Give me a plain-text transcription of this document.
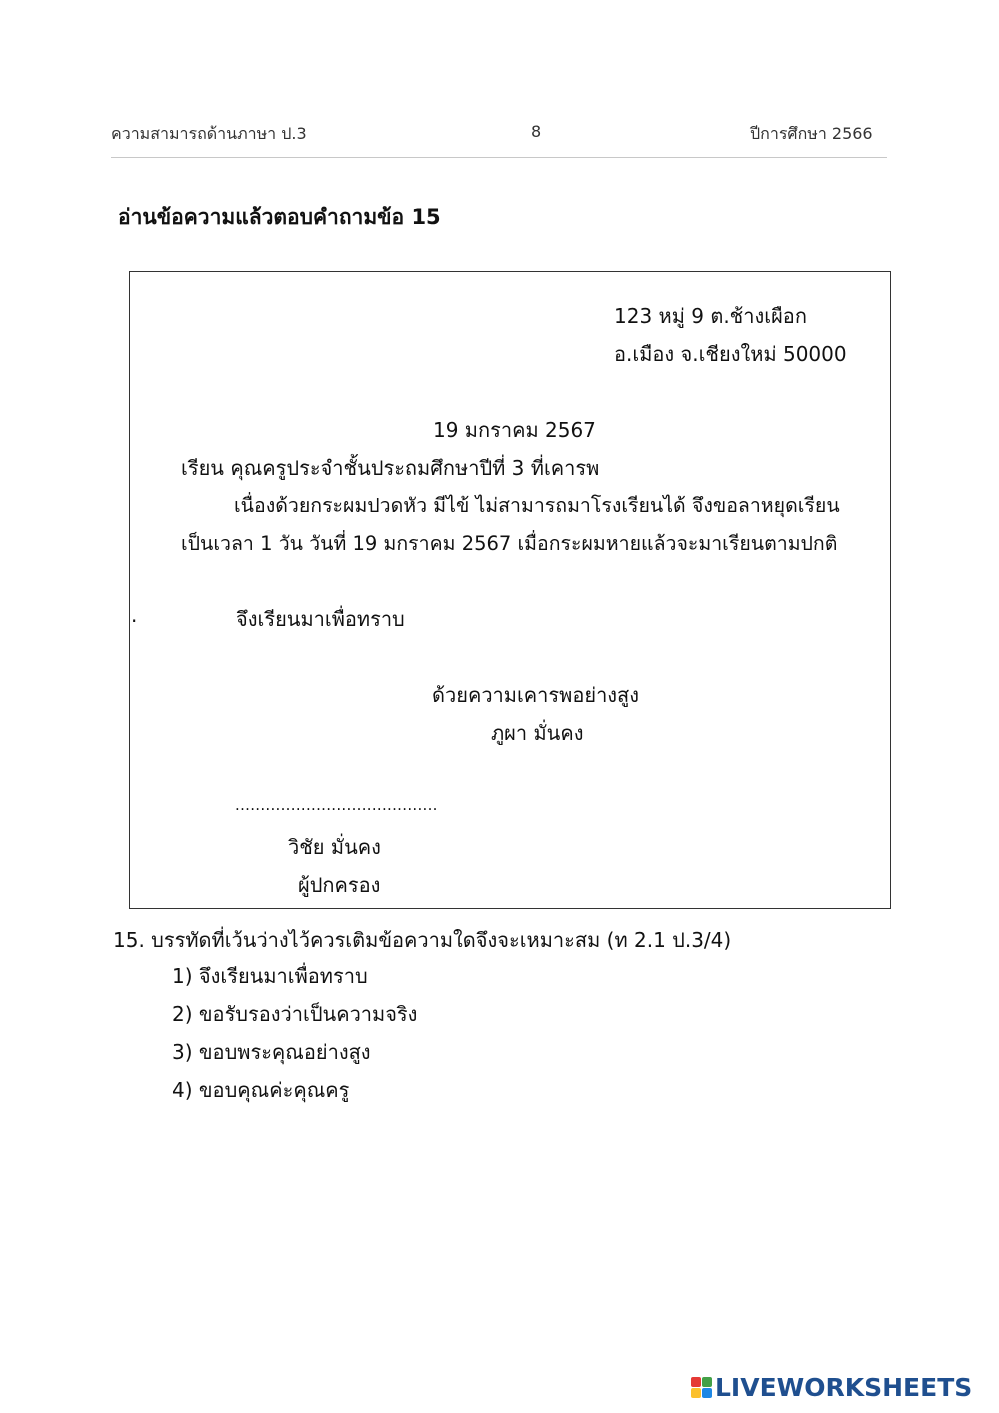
ความสามารถด้านภาษา ป.3	8	ปีการศึกษา 2566
อ่านข้อความแล้วตอบคำถามข้อ 15
123 หมู่ 9 ต.ช้างเผือก
อ.เมือง จ.เชียงใหม่ 50000
19 มกราคม 2567
เรียน คุณครูประจำชั้นประถมศึกษาปีที่ 3 ที่เคารพ
เนื่องด้วยกระผมปวดหัว มีไข้ ไม่สามารถมาโรงเรียนได้ จึงขอลาหยุดเรียน
เป็นเวลา 1 วัน วันที่ 19 มกราคม 2567 เมื่อกระผมหายแล้วจะมาเรียนตามปกติ
.	จึงเรียนมาเพื่อทราบ
ด้วยความเคารพอย่างสูง
ภูผา มั่นคง
........................................
วิชัย มั่นคง
ผู้ปกครอง
15. บรรทัดที่เว้นว่างไว้ควรเติมข้อความใดจึงจะเหมาะสม (ท 2.1 ป.3/4)
1) จึงเรียนมาเพื่อทราบ
2) ขอรับรองว่าเป็นความจริง
3) ขอบพระคุณอย่างสูง
4) ขอบคุณค่ะคุณครู
LIVEWORKSHEETS
